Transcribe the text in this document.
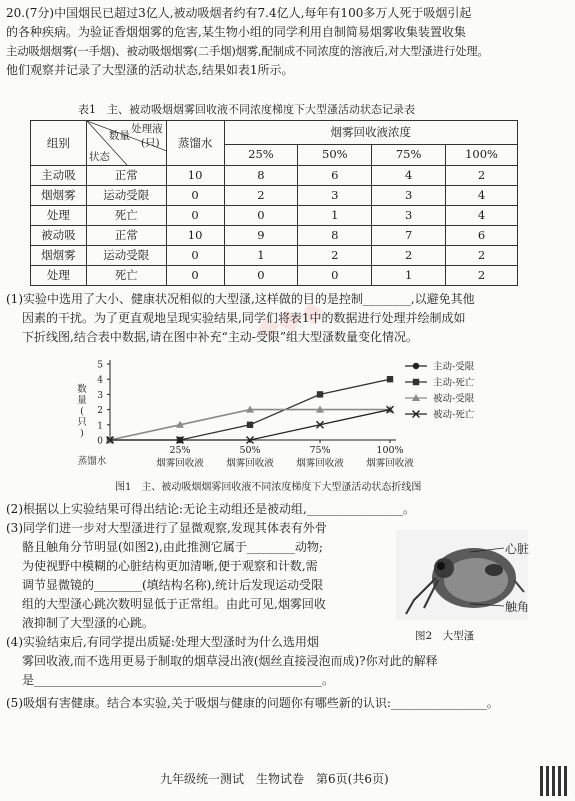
◆◆◆
20.(7分)中国烟民已超过3亿人,被动吸烟者约有7.4亿人,每年有100多万人死于吸烟引起
的各种疾病。为验证香烟烟雾的危害,某生物小组的同学利用自制简易烟雾收集装置收集
主动吸烟烟雾(一手烟)、被动吸烟烟雾(二手烟)烟雾,配制成不同浓度的溶液后,对大型溞进行处理。
他们观察并记录了大型溞的活动状态,结果如表1所示。
表1　主、被动吸烟烟雾回收液不同浓度梯度下大型溞活动状态记录表
组别	处理液
数量
(只)
状态	蒸馏水	烟雾回收液浓度			
			25%	50%	75%	100%
主动吸	正常	10	8	6	4	2
烟烟雾	运动受限	0	2	3	3	4
处理	死亡	0	0	1	3	4
被动吸	正常	10	9	8	7	6
烟烟雾	运动受限	0	1	2	2	2
处理	死亡	0	0	0	1	2
(1)实验中选用了大小、健康状况相似的大型溞,这样做的目的是控制________,以避免其他
因素的干扰。为了更直观地呈现实验结果,同学们将表1中的数据进行处理并绘制成如
下折线图,结合表中数据,请在图中补充“主动-受限”组大型溞数量变化情况。
0
1
2
3
4
5
数
量
(
只
)
蒸馏水
25%
烟雾回收液
50%
烟雾回收液
75%
烟雾回收液
100%
烟雾回收液
主动-受限
主动-死亡
被动-受限
被动-死亡
图1　主、被动吸烟烟雾回收液不同浓度梯度下大型溞活动状态折线图
(2)根据以上实验结果可得出结论:无论主动组还是被动组,________________。
(3)同学们进一步对大型溞进行了显微观察,发现其体表有外骨
骼且触角分节明显(如图2),由此推测它属于________动物;
为使视野中模糊的心脏结构更加清晰,便于观察和计数,需
调节显微镜的________(填结构名称),统计后发现运动受限
组的大型溞心跳次数明显低于正常组。由此可见,烟雾回收
液抑制了大型溞的心跳。
心脏
触角
图2　大型溞
(4)实验结束后,有同学提出质疑:处理大型溞时为什么选用烟
雾回收液,而不选用更易于制取的烟草浸出液(烟丝直接浸泡而成)?你对此的解释
是________________________________________________。
(5)吸烟有害健康。结合本实验,关于吸烟与健康的问题你有哪些新的认识:________________。
九年级统一测试　生物试卷　第6页(共6页)
